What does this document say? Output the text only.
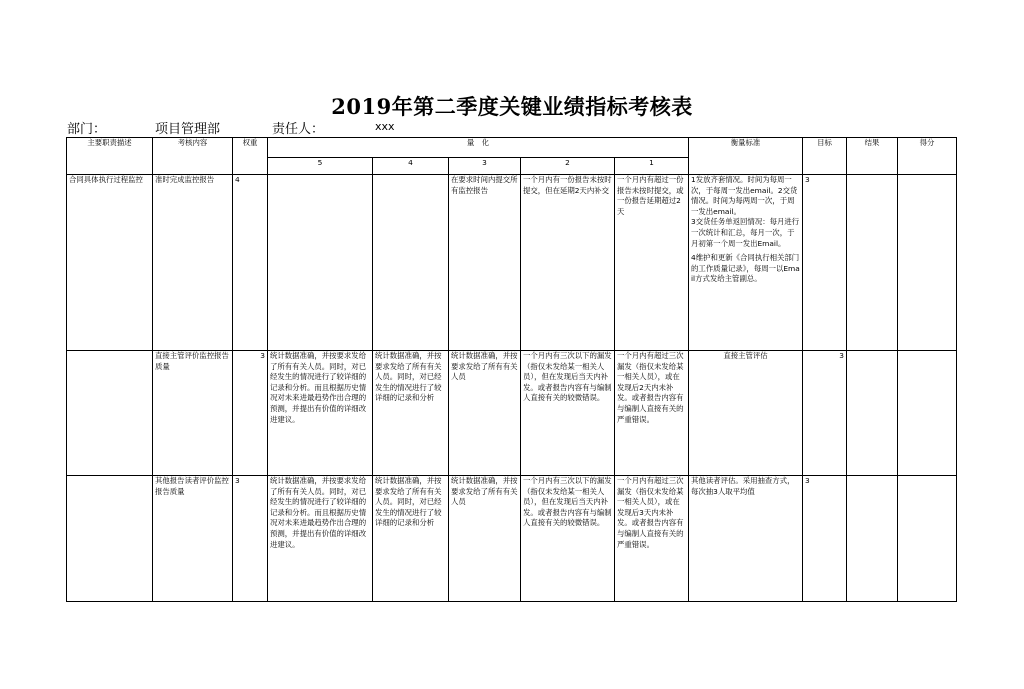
2019年第二季度关键业绩指标考核表
部门：	项目管理部	责任人：	xxx
主要职责描述	考核内容	权重	量　化					衡量标准	目标	结果	得分
			5	4	3	2	1				
合同具体执行过程监控	准时完成监控报告	4			在要求时间内提交所有监控报告	一个月内有一份报告未按时提交，但在延期2天内补交	一个月内有超过一份报告未按时提交，或一份报告延期超过2天	1发放齐套情况。时间为每周一次，于每周一发出email。2交货情况。时间为每两周一次，于周一发出email。
3交货任务单返回情况：每月进行一次统计和汇总，每月一次，于月初第一个周一发出Email。
4维护和更新《合同执行相关部门的工作质量记录》，每周一以Email方式发给主管副总。	3		
	直接主管评价监控报告质量	3	统计数据准确，并按要求发给了所有有关人员。同时，对已经发生的情况进行了较详细的记录和分析。而且根据历史情况对未来进最趋势作出合理的预测，并提出有价值的详细改进建议。	统计数据准确，并按要求发给了所有有关人员。同时，对已经发生的情况进行了较详细的记录和分析	统计数据准确，并按要求发给了所有有关人员	一个月内有三次以下的漏发（指仅未发给某一相关人员），但在发现后当天内补发。或者报告内容有与编制人直接有关的较微错误。	一个月内有超过三次漏发（指仅未发给某一相关人员），或在发现后2天内未补发。或者报告内容有与编制人直接有关的严重错误。	直接主管评估	3		
	其他报告读者评价监控报告质量	3	统计数据准确，并按要求发给了所有有关人员。同时，对已经发生的情况进行了较详细的记录和分析。而且根据历史情况对未来进最趋势作出合理的预测，并提出有价值的详细改进建议。	统计数据准确，并按要求发给了所有有关人员。同时，对已经发生的情况进行了较详细的记录和分析	统计数据准确，并按要求发给了所有有关人员	一个月内有三次以下的漏发（指仅未发给某一相关人员），但在发现后当天内补发。或者报告内容有与编制人直接有关的较微错误。	一个月内有超过三次漏发（指仅未发给某一相关人员），或在发现后3天内未补发。或者报告内容有与编制人直接有关的严重错误。	其他读者评估。采用抽查方式，每次抽3人取平均值	3		
